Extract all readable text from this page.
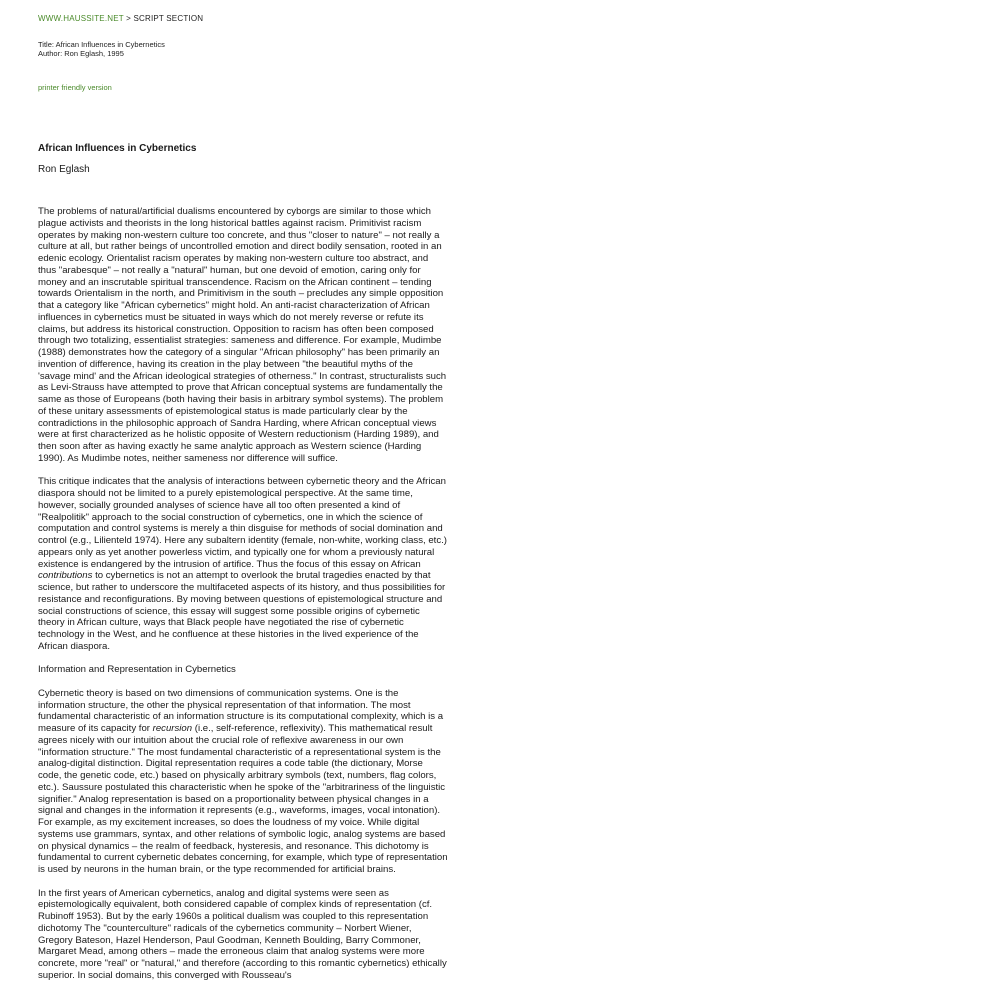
WWW.HAUSSITE.NET > SCRIPT SECTION
Title: African Influences in Cybernetics
Author: Ron Eglash, 1995
printer friendly version
African Influences in Cybernetics
Ron Eglash

The problems of natural/artificial dualisms encountered by cyborgs are similar to those which plague activists and theorists in the long historical battles against racism. Primitivist racism operates by making non-western culture too concrete, and thus "closer to nature" – not really a culture at all, but rather beings of uncontrolled emotion and direct bodily sensation, rooted in an edenic ecology. Orientalist racism operates by making non-western culture too abstract, and thus "arabesque" – not really a "natural" human, but one devoid of emotion, caring only for money and an inscrutable spiritual transcendence. Racism on the African continent – tending towards Orientalism in the north, and Primitivism in the south – precludes any simple opposition that a category like "African cybernetics" might hold. An anti-racist characterization of African influences in cybernetics must be situated in ways which do not merely reverse or refute its claims, but address its historical construction. Opposition to racism has often been composed through two totalizing, essentialist strategies: sameness and difference. For example, Mudimbe (1988) demonstrates how the category of a singular "African philosophy" has been primarily an invention of difference, having its creation in the play between "the beautiful myths of the 'savage mind' and the African ideological strategies of otherness." In contrast, structuralists such as Levi-Strauss have attempted to prove that African conceptual systems are fundamentally the same as those of Europeans (both having their basis in arbitrary symbol systems). The problem of these unitary assessments of epistemological status is made particularly clear by the contradictions in the philosophic approach of Sandra Harding, where African conceptual views were at first characterized as he holistic opposite of Western reductionism (Harding 1989), and then soon after as having exactly he same analytic approach as Western science (Harding 1990). As Mudimbe notes, neither sameness nor difference will suffice.

This critique indicates that the analysis of interactions between cybernetic theory and the African diaspora should not be limited to a purely epistemological perspective. At the same time, however, socially grounded analyses of science have all too often presented a kind of "Realpolitik" approach to the social construction of cybernetics, one in which the science of computation and control systems is merely a thin disguise for methods of social domination and control (e.g., Lilienteld 1974). Here any subaltern identity (female, non-white, working class, etc.) appears only as yet another powerless victim, and typically one for whom a previously natural existence is endangered by the intrusion of artifice. Thus the focus of this essay on African contributions to cybernetics is not an attempt to overlook the brutal tragedies enacted by that science, but rather to underscore the multifaceted aspects of its history, and thus possibilities for resistance and reconfigurations. By moving between questions of epistemological structure and social constructions of science, this essay will suggest some possible origins of cybernetic theory in African culture, ways that Black people have negotiated the rise of cybernetic technology in the West, and he confluence at these histories in the lived experience of the African diaspora.

Information and Representation in Cybernetics

Cybernetic theory is based on two dimensions of communication systems. One is the information structure, the other the physical representation of that information. The most fundamental characteristic of an information structure is its computational complexity, which is a measure of its capacity for recursion (i.e., self-reference, reflexivity). This mathematical result agrees nicely with our intuition about the crucial role of reflexive awareness in our own "information structure." The most fundamental characteristic of a representational system is the analog-digital distinction. Digital representation requires a code table (the dictionary, Morse code, the genetic code, etc.) based on physically arbitrary symbols (text, numbers, flag colors, etc.). Saussure postulated this characteristic when he spoke of the "arbitrariness of the linguistic signifier." Analog representation is based on a proportionality between physical changes in a signal and changes in the information it represents (e.g., waveforms, images, vocal intonation). For example, as my excitement increases, so does the loudness of my voice. While digital systems use grammars, syntax, and other relations of symbolic logic, analog systems are based on physical dynamics – the realm of feedback, hysteresis, and resonance. This dichotomy is fundamental to current cybernetic debates concerning, for example, which type of representation is used by neurons in the human brain, or the type recommended for artificial brains.

In the first years of American cybernetics, analog and digital systems were seen as epistemologically equivalent, both considered capable of complex kinds of representation (cf. Rubinoff 1953). But by the early 1960s a political dualism was coupled to this representation dichotomy The "counterculture" radicals of the cybernetics community – Norbert Wiener, Gregory Bateson, Hazel Henderson, Paul Goodman, Kenneth Boulding, Barry Commoner, Margaret Mead, among others – made the erroneous claim that analog systems were more concrete, more "real" or "natural," and therefore (according to this romantic cybernetics) ethically superior. In social domains, this converged with Rousseau's
